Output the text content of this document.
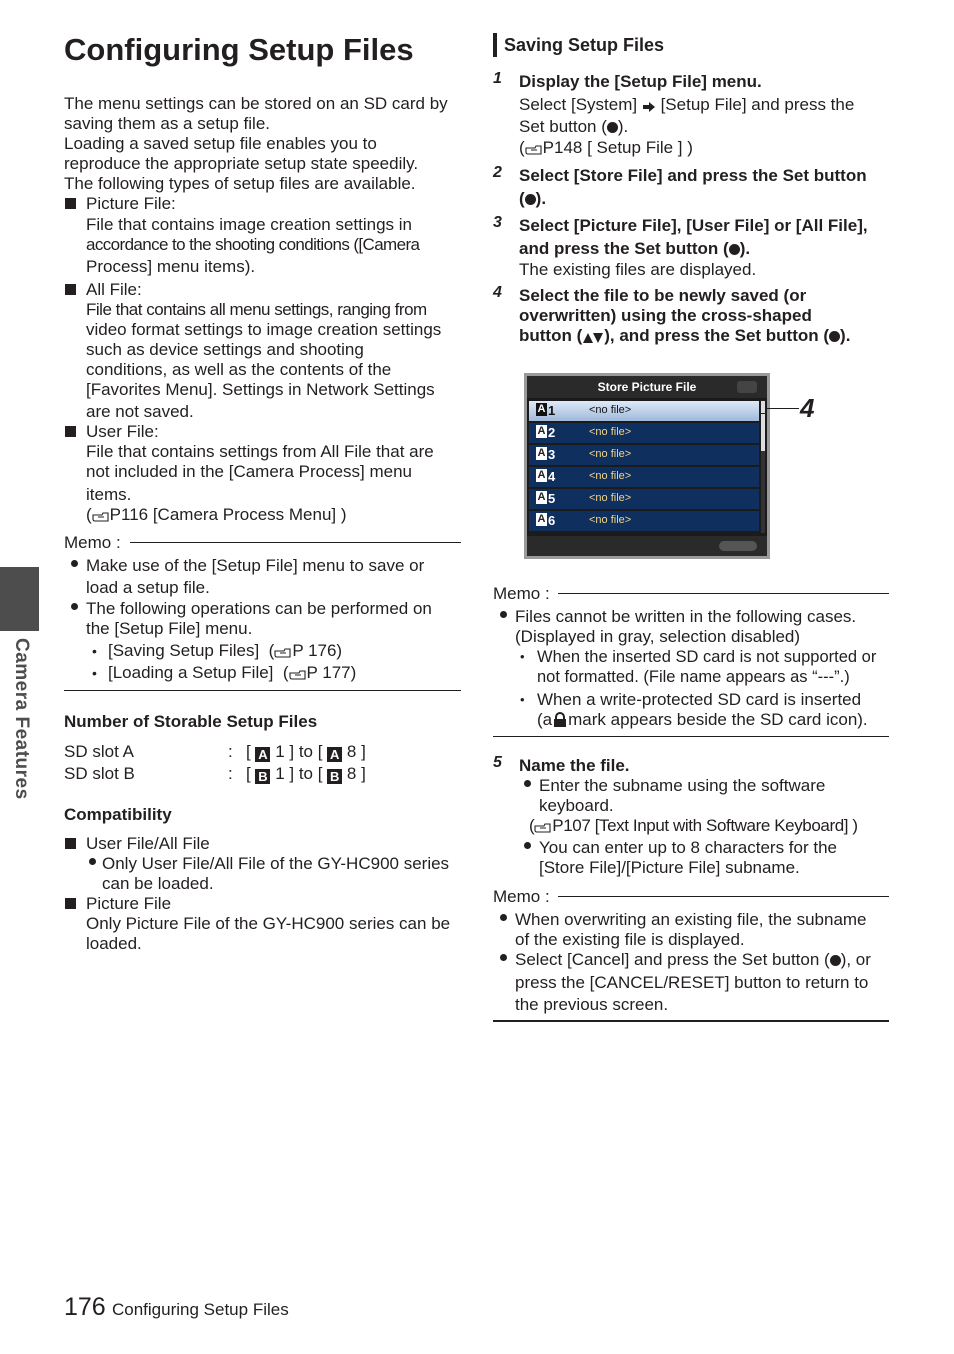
Configuring Setup Files
Camera Features
The menu settings can be stored on an SD card by
saving them as a setup file.
Loading a saved setup file enables you to
reproduce the appropriate setup state speedily.
The following types of setup files are available.
Picture File:
File that contains image creation settings in
accordance to the shooting conditions ([Camera
Process] menu items).
All File:
File that contains all menu settings, ranging from
video format settings to image creation settings
such as device settings and shooting
conditions, as well as the contents of the
[Favorites Menu]. Settings in Network Settings
are not saved.
User File:
File that contains settings from All File that are
not included in the [Camera Process] menu
items.
( P116 [Camera Process Menu] )
Memo :
Make use of the [Setup File] menu to save or
load a setup file.
The following operations can be performed on
the [Setup File] menu.
• [Saving Setup Files]  ( P 176)
• [Loading a Setup File]  ( P 177)
Number of Storable Setup Files
SD slot A	: [ A 1 ] to [ A 8 ]
SD slot B	: [ B 1 ] to [ B 8 ]
Compatibility
User File/All File
Only User File/All File of the GY-HC900 series
can be loaded.
Picture File
Only Picture File of the GY-HC900 series can be
loaded.
Saving Setup Files
1 Display the [Setup File] menu.
Select [System] [Setup File] and press the
Set button ( ).
( P148 [ Setup File ] )
2 Select [Store File] and press the Set button
( ).
3 Select [Picture File], [User File] or [All File],
and press the Set button ( ).
The existing files are displayed.
4 Select the file to be newly saved (or
overwritten) using the cross-shaped
button ( ), and press the Set button ( ).
Store Picture File
A 1	<no file>
A 2	<no file>
A 3	<no file>
A 4	<no file>
A 5	<no file>
A 6	<no file>
4
Memo :
Files cannot be written in the following cases.
(Displayed in gray, selection disabled)
• When the inserted SD card is not supported or
not formatted. (File name appears as “---”.)
• When a write-protected SD card is inserted
(a mark appears beside the SD card icon).
5 Name the file.
Enter the subname using the software
keyboard.
( P107 [Text Input with Software Keyboard] )
You can enter up to 8 characters for the
[Store File]/[Picture File] subname.
Memo :
When overwriting an existing file, the subname
of the existing file is displayed.
Select [Cancel] and press the Set button ( ), or
press the [CANCEL/RESET] button to return to
the previous screen.
176 Configuring Setup Files
